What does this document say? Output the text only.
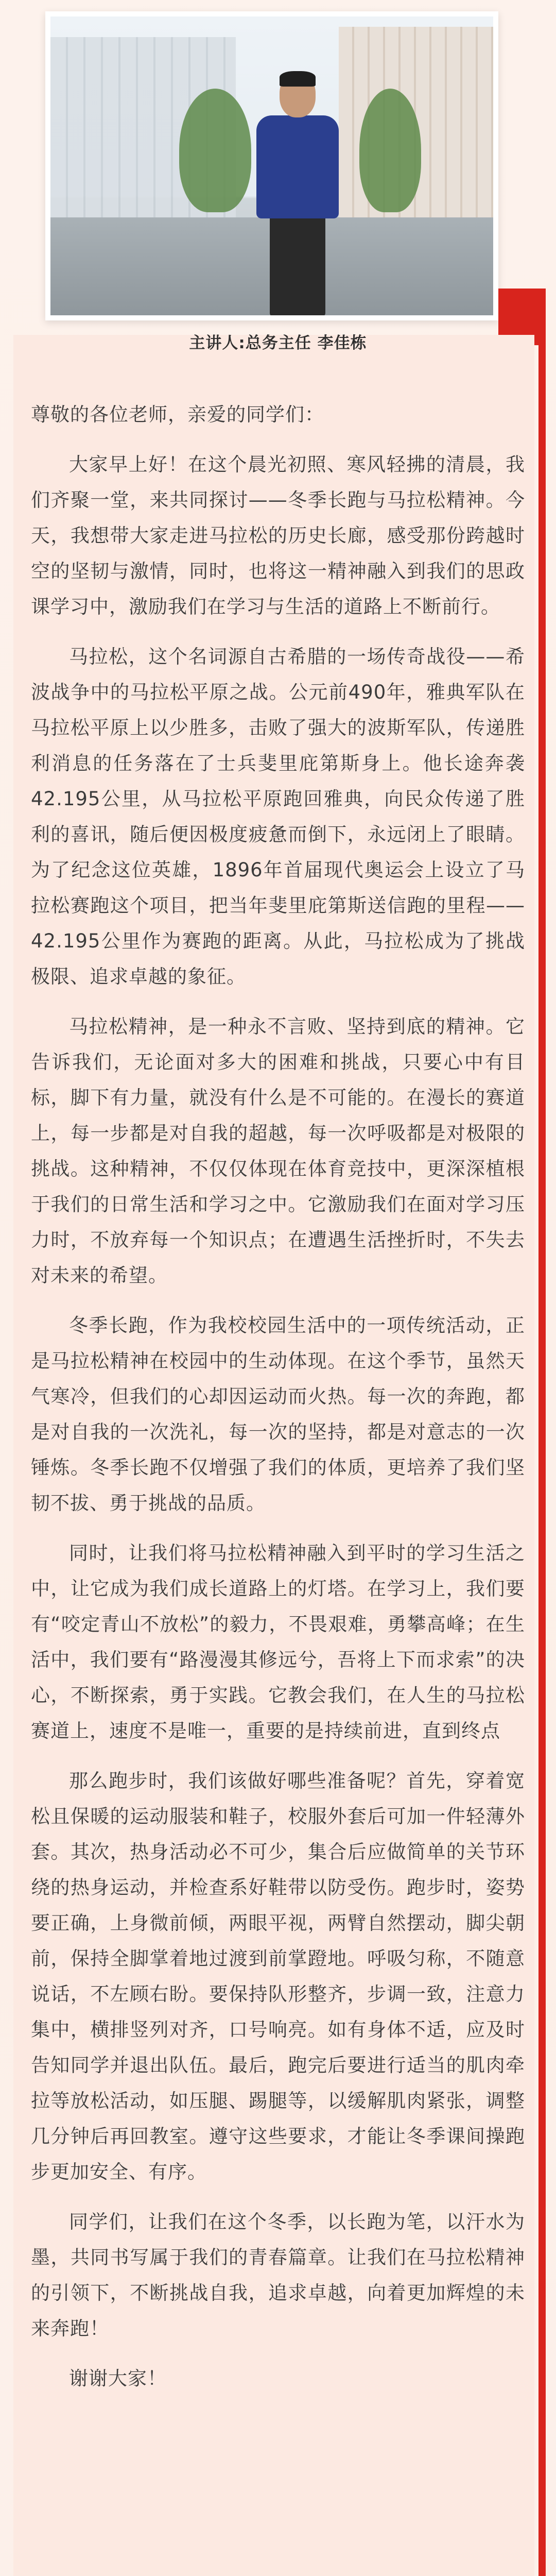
主讲人:总务主任 李佳栋

尊敬的各位老师，亲爱的同学们：

大家早上好！在这个晨光初照、寒风轻拂的清晨，我们齐聚一堂，来共同探讨——冬季长跑与马拉松精神。今天，我想带大家走进马拉松的历史长廊，感受那份跨越时空的坚韧与激情，同时，也将这一精神融入到我们的思政课学习中，激励我们在学习与生活的道路上不断前行。

马拉松，这个名词源自古希腊的一场传奇战役——希波战争中的马拉松平原之战。公元前490年，雅典军队在马拉松平原上以少胜多，击败了强大的波斯军队，传递胜利消息的任务落在了士兵斐里庇第斯身上。他长途奔袭42.195公里，从马拉松平原跑回雅典，向民众传递了胜利的喜讯，随后便因极度疲惫而倒下，永远闭上了眼睛。为了纪念这位英雄，1896年首届现代奥运会上设立了马拉松赛跑这个项目，把当年斐里庇第斯送信跑的里程——42.195公里作为赛跑的距离。从此，马拉松成为了挑战极限、追求卓越的象征。

马拉松精神，是一种永不言败、坚持到底的精神。它告诉我们，无论面对多大的困难和挑战，只要心中有目标，脚下有力量，就没有什么是不可能的。在漫长的赛道上，每一步都是对自我的超越，每一次呼吸都是对极限的挑战。这种精神，不仅仅体现在体育竞技中，更深深植根于我们的日常生活和学习之中。它激励我们在面对学习压力时，不放弃每一个知识点；在遭遇生活挫折时，不失去对未来的希望。

冬季长跑，作为我校校园生活中的一项传统活动，正是马拉松精神在校园中的生动体现。在这个季节，虽然天气寒冷，但我们的心却因运动而火热。每一次的奔跑，都是对自我的一次洗礼，每一次的坚持，都是对意志的一次锤炼。冬季长跑不仅增强了我们的体质，更培养了我们坚韧不拔、勇于挑战的品质。

同时，让我们将马拉松精神融入到平时的学习生活之中，让它成为我们成长道路上的灯塔。在学习上，我们要有“咬定青山不放松”的毅力，不畏艰难，勇攀高峰；在生活中，我们要有“路漫漫其修远兮，吾将上下而求索”的决心，不断探索，勇于实践。它教会我们，在人生的马拉松赛道上，速度不是唯一，重要的是持续前进，直到终点

那么跑步时，我们该做好哪些准备呢？首先，穿着宽松且保暖的运动服装和鞋子，校服外套后可加一件轻薄外套。其次，热身活动必不可少，集合后应做简单的关节环绕的热身运动，并检查系好鞋带以防受伤。跑步时，姿势要正确，上身微前倾，两眼平视，两臂自然摆动，脚尖朝前，保持全脚掌着地过渡到前掌蹬地。呼吸匀称，不随意说话，不左顾右盼。要保持队形整齐，步调一致，注意力集中，横排竖列对齐，口号响亮。如有身体不适，应及时告知同学并退出队伍。最后，跑完后要进行适当的肌肉牵拉等放松活动，如压腿、踢腿等，以缓解肌肉紧张，调整几分钟后再回教室。遵守这些要求，才能让冬季课间操跑步更加安全、有序。

同学们，让我们在这个冬季，以长跑为笔，以汗水为墨，共同书写属于我们的青春篇章。让我们在马拉松精神的引领下，不断挑战自我，追求卓越，向着更加辉煌的未来奔跑！

谢谢大家！
